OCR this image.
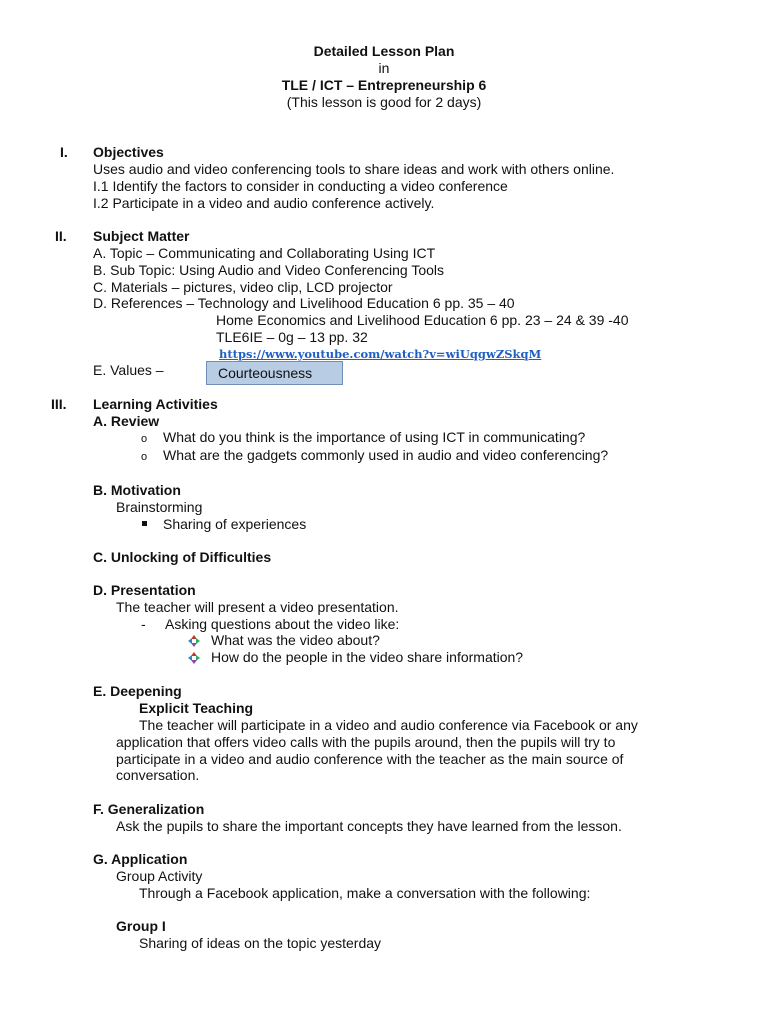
Detailed Lesson Plan
in
TLE / ICT – Entrepreneurship 6
(This lesson is good for 2 days)
I. Objectives
Uses audio and video conferencing tools to share ideas and work with others online.
I.1 Identify the factors to consider in conducting a video conference
I.2 Participate in a video and audio conference actively.
II. Subject Matter
A. Topic – Communicating and Collaborating Using ICT
B. Sub Topic: Using Audio and Video Conferencing Tools
C. Materials – pictures, video clip, LCD projector
D. References – Technology and Livelihood Education 6 pp. 35 – 40
Home Economics and Livelihood Education 6 pp. 23 – 24 & 39 -40
TLE6IE – 0g – 13 pp. 32
https://www.youtube.com/watch?v=wiUqgwZSkqM
E. Values –	Courteousness
III. Learning Activities
A. Review
o What do you think is the importance of using ICT in communicating?
o What are the gadgets commonly used in audio and video conferencing?
B. Motivation
Brainstorming
Sharing of experiences
C. Unlocking of Difficulties
D. Presentation
The teacher will present a video presentation.
- Asking questions about the video like:
What was the video about?
How do the people in the video share information?
E. Deepening
Explicit Teaching
The teacher will participate in a video and audio conference via Facebook or any
application that offers video calls with the pupils around, then the pupils will try to
participate in a video and audio conference with the teacher as the main source of
conversation.
F. Generalization
Ask the pupils to share the important concepts they have learned from the lesson.
G. Application
Group Activity
Through a Facebook application, make a conversation with the following:
Group I
Sharing of ideas on the topic yesterday
